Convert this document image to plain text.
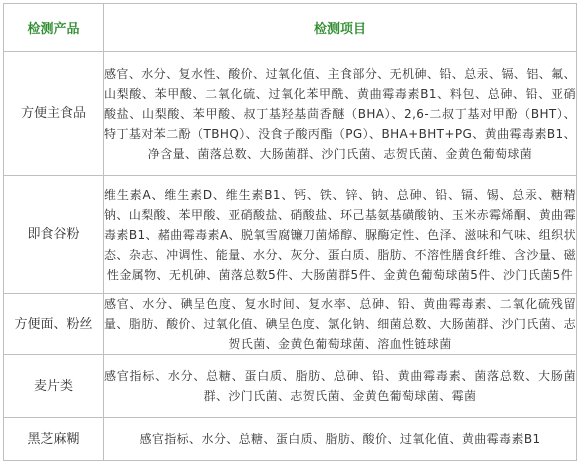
检测产品	检测项目
方便主食品	感官、水分、复水性、酸价、过氧化值、主食部分、无机砷、铅、总汞、镉、铝、氟、山梨酸、苯甲酸、二氧化硫、过氧化苯甲酰、黄曲霉毒素B1、料包、总砷、铅、亚硝酸盐、山梨酸、苯甲酸、叔丁基羟基茴香醚（BHA）、2,6-二叔丁基对甲酚（BHT）、特丁基对苯二酚（TBHQ）、没食子酸丙酯（PG）、BHA+BHT+PG、黄曲霉毒素B1、净含量、菌落总数、大肠菌群、沙门氏菌、志贺氏菌、金黄色葡萄球菌
即食谷粉	维生素A、维生素D、维生素B1、钙、铁、锌、钠、总砷、铅、镉、锡、总汞、糖精钠、山梨酸、苯甲酸、亚硝酸盐、硝酸盐、环己基氨基磺酸钠、玉米赤霉烯酮、黄曲霉毒素B1、赭曲霉毒素A、脱氧雪腐镰刀菌烯醇、脲酶定性、色泽、滋味和气味、组织状态、杂志、冲调性、能量、水分、灰分、蛋白质、脂肪、不溶性膳食纤维、含沙量、磁性金属物、无机砷、菌落总数5件、大肠菌群5件、金黄色葡萄球菌5件、沙门氏菌5件
方便面、粉丝	感官、水分、碘呈色度、复水时间、复水率、总砷、铅、黄曲霉毒素、二氧化硫残留量、脂肪、酸价、过氧化值、碘呈色度、氯化钠、细菌总数、大肠菌群、沙门氏菌、志贺氏菌、金黄色葡萄球菌、溶血性链球菌
麦片类	感官指标、水分、总糖、蛋白质、脂肪、总砷、铅、黄曲霉毒素、菌落总数、大肠菌群、沙门氏菌、志贺氏菌、金黄色葡萄球菌、霉菌
黑芝麻糊	感官指标、水分、总糖、蛋白质、脂肪、酸价、过氧化值、黄曲霉毒素B1
